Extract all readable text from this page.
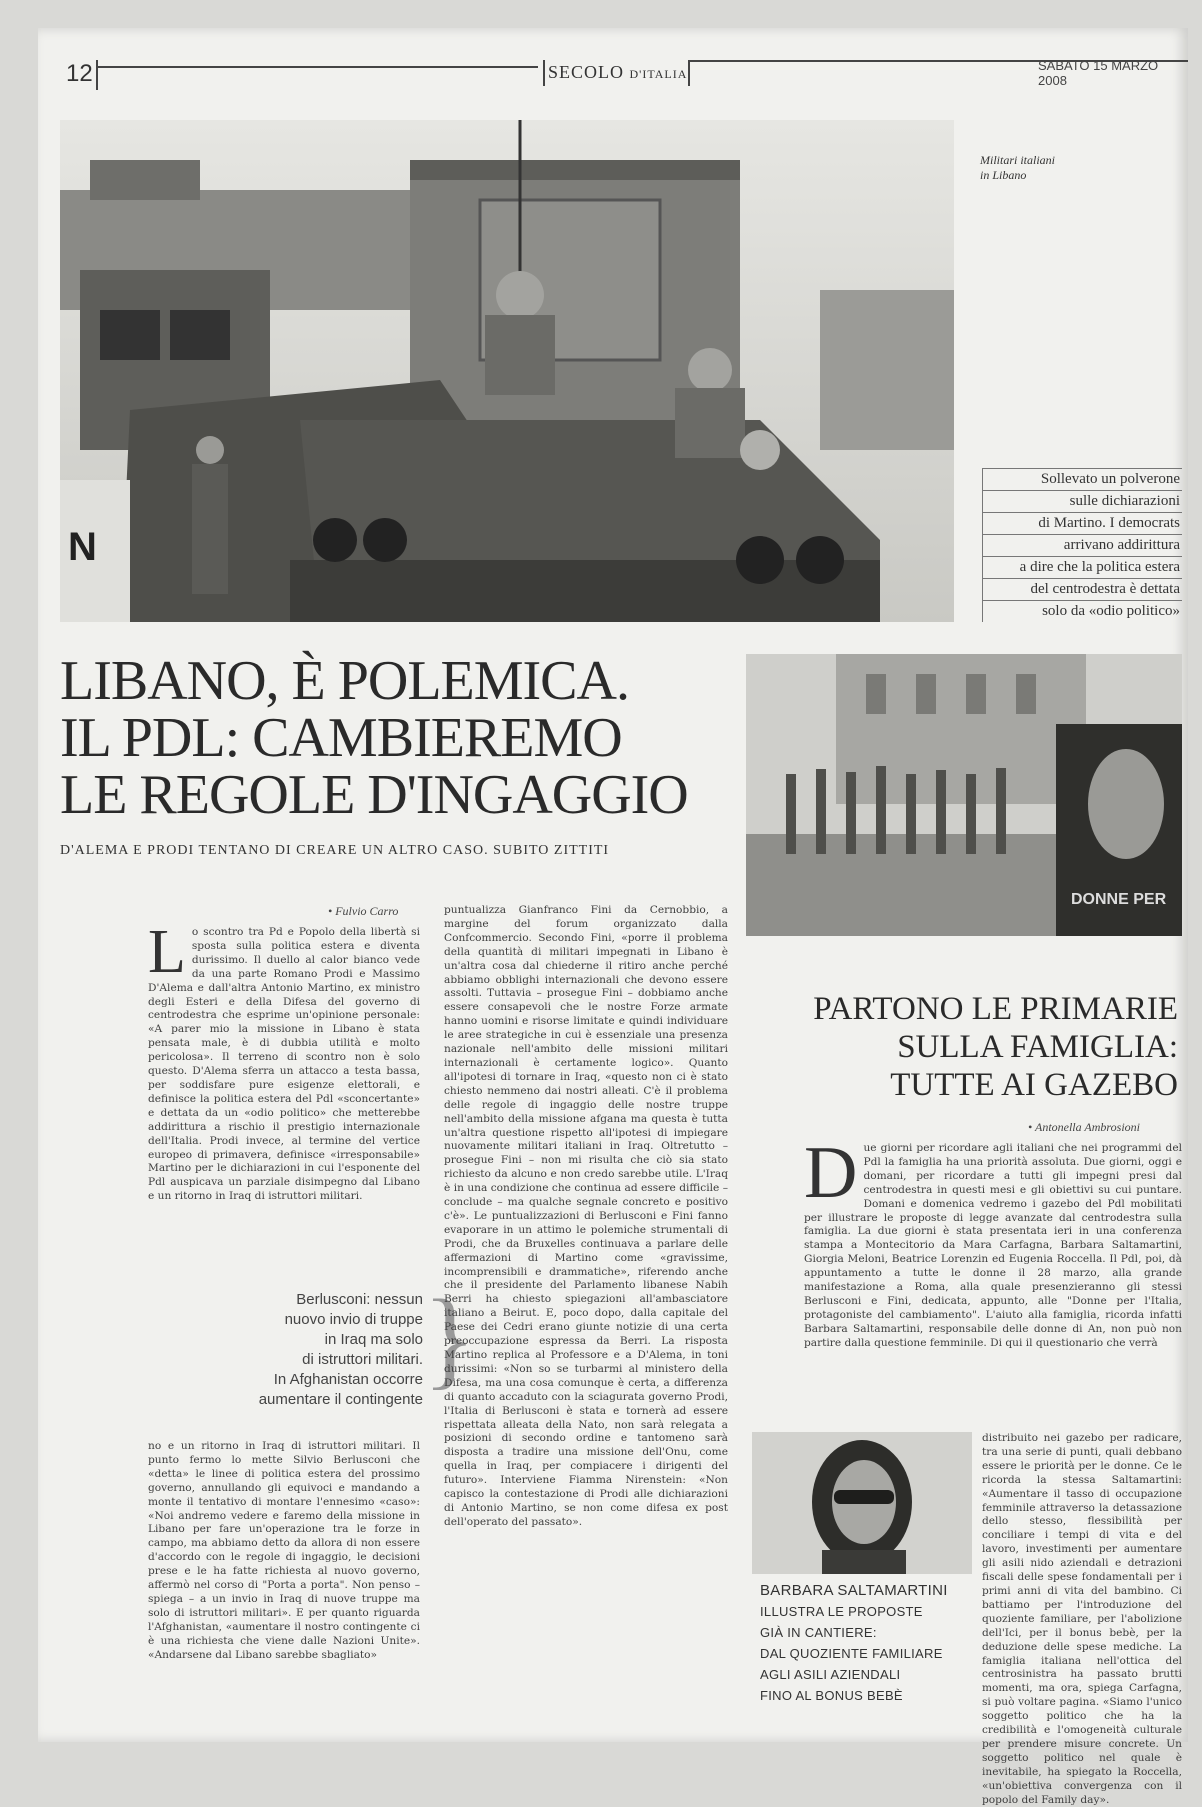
12	SECOLO D'ITALIA
SABATO 15 MARZO 2008
N
Militari italiani
in Libano
Sollevato un polverone
sulle dichiarazioni
di Martino. I democrats
arrivano addirittura
a dire che la politica estera
del centrodestra è dettata
solo da «odio politico»
LIBANO, È POLEMICA.
IL PDL: CAMBIEREMO
LE REGOLE D'INGAGGIO
D'ALEMA E PRODI TENTANO DI CREARE UN ALTRO CASO. SUBITO ZITTITI
• Fulvio Carro
Lo scontro tra Pd e Popolo della libertà si sposta sulla politica estera e diventa durissimo. Il duello al calor bianco vede da una parte Romano Prodi e Massimo D'Alema e dall'altra Antonio Martino, ex ministro degli Esteri e della Difesa del governo di centrodestra che esprime un'opinione personale: «A parer mio la missione in Libano è stata pensata male, è di dubbia utilità e molto pericolosa». Il terreno di scontro non è solo questo. D'Alema sferra un attacco a testa bassa, per soddisfare pure esigenze elettorali, e definisce la politica estera del Pdl «sconcertante» e dettata da un «odio politico» che metterebbe addirittura a rischio il prestigio internazionale dell'Italia. Prodi invece, al termine del vertice europeo di primavera, definisce «irresponsabile» Martino per le dichiarazioni in cui l'esponente del Pdl auspicava un parziale disimpegno dal Libano e un ritorno in Iraq di istruttori militari.
Berlusconi: nessun
nuovo invio di truppe
in Iraq ma solo
di istruttori militari.
In Afghanistan occorre
aumentare il contingente
}
no e un ritorno in Iraq di istruttori militari. Il punto fermo lo mette Silvio Berlusconi che «detta» le linee di politica estera del prossimo governo, annullando gli equivoci e mandando a monte il tentativo di montare l'ennesimo «caso»: «Noi andremo vedere e faremo della missione in Libano per fare un'operazione tra le forze in campo, ma abbiamo detto da allora di non essere d'accordo con le regole di ingaggio, le decisioni prese e le ha fatte richiesta al nuovo governo, affermò nel corso di "Porta a porta". Non penso – spiega – a un invio in Iraq di nuove truppe ma solo di istruttori militari». E per quanto riguarda l'Afghanistan, «aumentare il nostro contingente ci è una richiesta che viene dalle Nazioni Unite». «Andarsene dal Libano sarebbe sbagliato»
puntualizza Gianfranco Fini da Cernobbio, a margine del forum organizzato dalla Confcommercio. Secondo Fini, «porre il problema della quantità di militari impegnati in Libano è un'altra cosa dal chiederne il ritiro anche perché abbiamo obblighi internazionali che devono essere assolti. Tuttavia – prosegue Fini – dobbiamo anche essere consapevoli che le nostre Forze armate hanno uomini e risorse limitate e quindi individuare le aree strategiche in cui è essenziale una presenza nazionale nell'ambito delle missioni militari internazionali è certamente logico». Quanto all'ipotesi di tornare in Iraq, «questo non ci è stato chiesto nemmeno dai nostri alleati. C'è il problema delle regole di ingaggio delle nostre truppe nell'ambito della missione afgana ma questa è tutta un'altra questione rispetto all'ipotesi di impiegare nuovamente militari italiani in Iraq. Oltretutto – prosegue Fini – non mi risulta che ciò sia stato richiesto da alcuno e non credo sarebbe utile. L'Iraq è in una condizione che continua ad essere difficile – conclude – ma qualche segnale concreto e positivo c'è». Le puntualizzazioni di Berlusconi e Fini fanno evaporare in un attimo le polemiche strumentali di Prodi, che da Bruxelles continuava a parlare delle affermazioni di Martino come «gravissime, incomprensibili e drammatiche», riferendo anche che il presidente del Parlamento libanese Nabih Berri ha chiesto spiegazioni all'ambasciatore italiano a Beirut. E, poco dopo, dalla capitale del Paese dei Cedri erano giunte notizie di una certa preoccupazione espressa da Berri. La risposta Martino replica al Professore e a D'Alema, in toni durissimi: «Non so se turbarmi al ministero della Difesa, ma una cosa comunque è certa, a differenza di quanto accaduto con la sciagurata governo Prodi, l'Italia di Berlusconi è stata e tornerà ad essere rispettata alleata della Nato, non sarà relegata a posizioni di secondo ordine e tantomeno sarà disposta a tradire una missione dell'Onu, come quella in Iraq, per compiacere i dirigenti del futuro». Interviene Fiamma Nirenstein: «Non capisco la contestazione di Prodi alle dichiarazioni di Antonio Martino, se non come difesa ex post dell'operato del passato».
DONNE PER
PARTONO LE PRIMARIE
SULLA FAMIGLIA:
TUTTE AI GAZEBO
• Antonella Ambrosioni
Due giorni per ricordare agli italiani che nei programmi del Pdl la famiglia ha una priorità assoluta. Due giorni, oggi e domani, per ricordare a tutti gli impegni presi dal centrodestra in questi mesi e gli obiettivi su cui puntare. Domani e domenica vedremo i gazebo del Pdl mobilitati per illustrare le proposte di legge avanzate dal centrodestra sulla famiglia. La due giorni è stata presentata ieri in una conferenza stampa a Montecitorio da Mara Carfagna, Barbara Saltamartini, Giorgia Meloni, Beatrice Lorenzin ed Eugenia Roccella. Il Pdl, poi, dà appuntamento a tutte le donne il 28 marzo, alla grande manifestazione a Roma, alla quale presenzieranno gli stessi Berlusconi e Fini, dedicata, appunto, alle "Donne per l'Italia, protagoniste del cambiamento". L'aiuto alla famiglia, ricorda infatti Barbara Saltamartini, responsabile delle donne di An, non può non partire dalla questione femminile. Di qui il questionario che verrà
BARBARA SALTAMARTINI
ILLUSTRA LE PROPOSTE
GIÀ IN CANTIERE:
DAL QUOZIENTE FAMILIARE
AGLI ASILI AZIENDALI
FINO AL BONUS BEBÈ
distribuito nei gazebo per radicare, tra una serie di punti, quali debbano essere le priorità per le donne. Ce le ricorda la stessa Saltamartini: «Aumentare il tasso di occupazione femminile attraverso la detassazione dello stesso, flessibilità per conciliare i tempi di vita e del lavoro, investimenti per aumentare gli asili nido aziendali e detrazioni fiscali delle spese fondamentali per i primi anni di vita del bambino. Ci battiamo per l'introduzione del quoziente familiare, per l'abolizione dell'Ici, per il bonus bebè, per la deduzione delle spese mediche. La famiglia italiana nell'ottica del centrosinistra ha passato brutti momenti, ma ora, spiega Carfagna, si può voltare pagina. «Siamo l'unico soggetto politico che ha la credibilità e l'omogeneità culturale per prendere misure concrete. Un soggetto politico nel quale è inevitabile, ha spiegato la Roccella, «un'obiettiva convergenza con il popolo del Family day».
